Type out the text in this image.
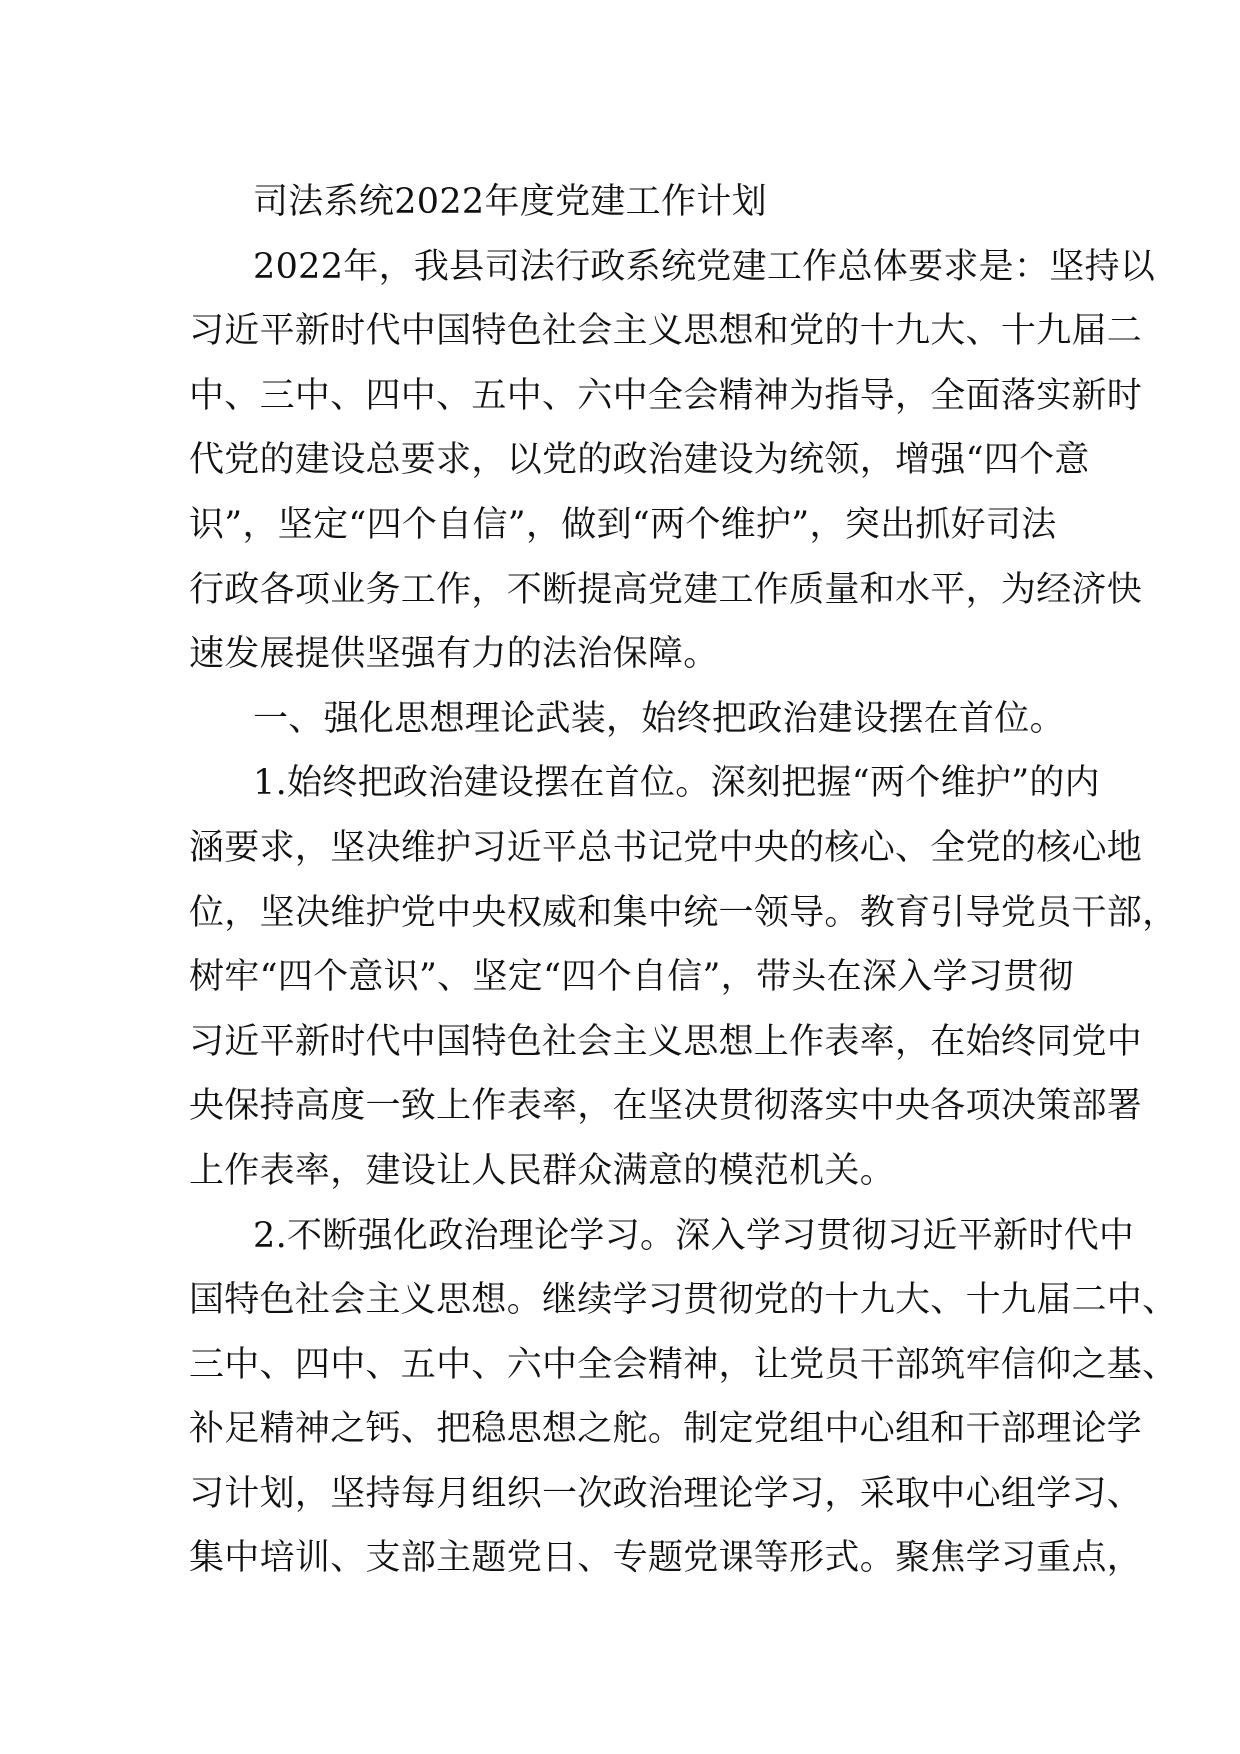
司法系统2022年度党建工作计划
2022年，我县司法行政系统党建工作总体要求是：坚持以
习近平新时代中国特色社会主义思想和党的十九大、十九届二
中、三中、四中、五中、六中全会精神为指导，全面落实新时
代党的建设总要求，以党的政治建设为统领，增强“四个意
识”，坚定“四个自信”，做到“两个维护”，突出抓好司法
行政各项业务工作，不断提高党建工作质量和水平，为经济快
速发展提供坚强有力的法治保障。
一、强化思想理论武装，始终把政治建设摆在首位。
1.始终把政治建设摆在首位。深刻把握“两个维护”的内
涵要求，坚决维护习近平总书记党中央的核心、全党的核心地
位，坚决维护党中央权威和集中统一领导。教育引导党员干部，
树牢“四个意识”、坚定“四个自信”，带头在深入学习贯彻
习近平新时代中国特色社会主义思想上作表率，在始终同党中
央保持高度一致上作表率，在坚决贯彻落实中央各项决策部署
上作表率，建设让人民群众满意的模范机关。
2.不断强化政治理论学习。深入学习贯彻习近平新时代中
国特色社会主义思想。继续学习贯彻党的十九大、十九届二中、
三中、四中、五中、六中全会精神，让党员干部筑牢信仰之基、
补足精神之钙、把稳思想之舵。制定党组中心组和干部理论学
习计划，坚持每月组织一次政治理论学习，采取中心组学习、
集中培训、支部主题党日、专题党课等形式。聚焦学习重点，
